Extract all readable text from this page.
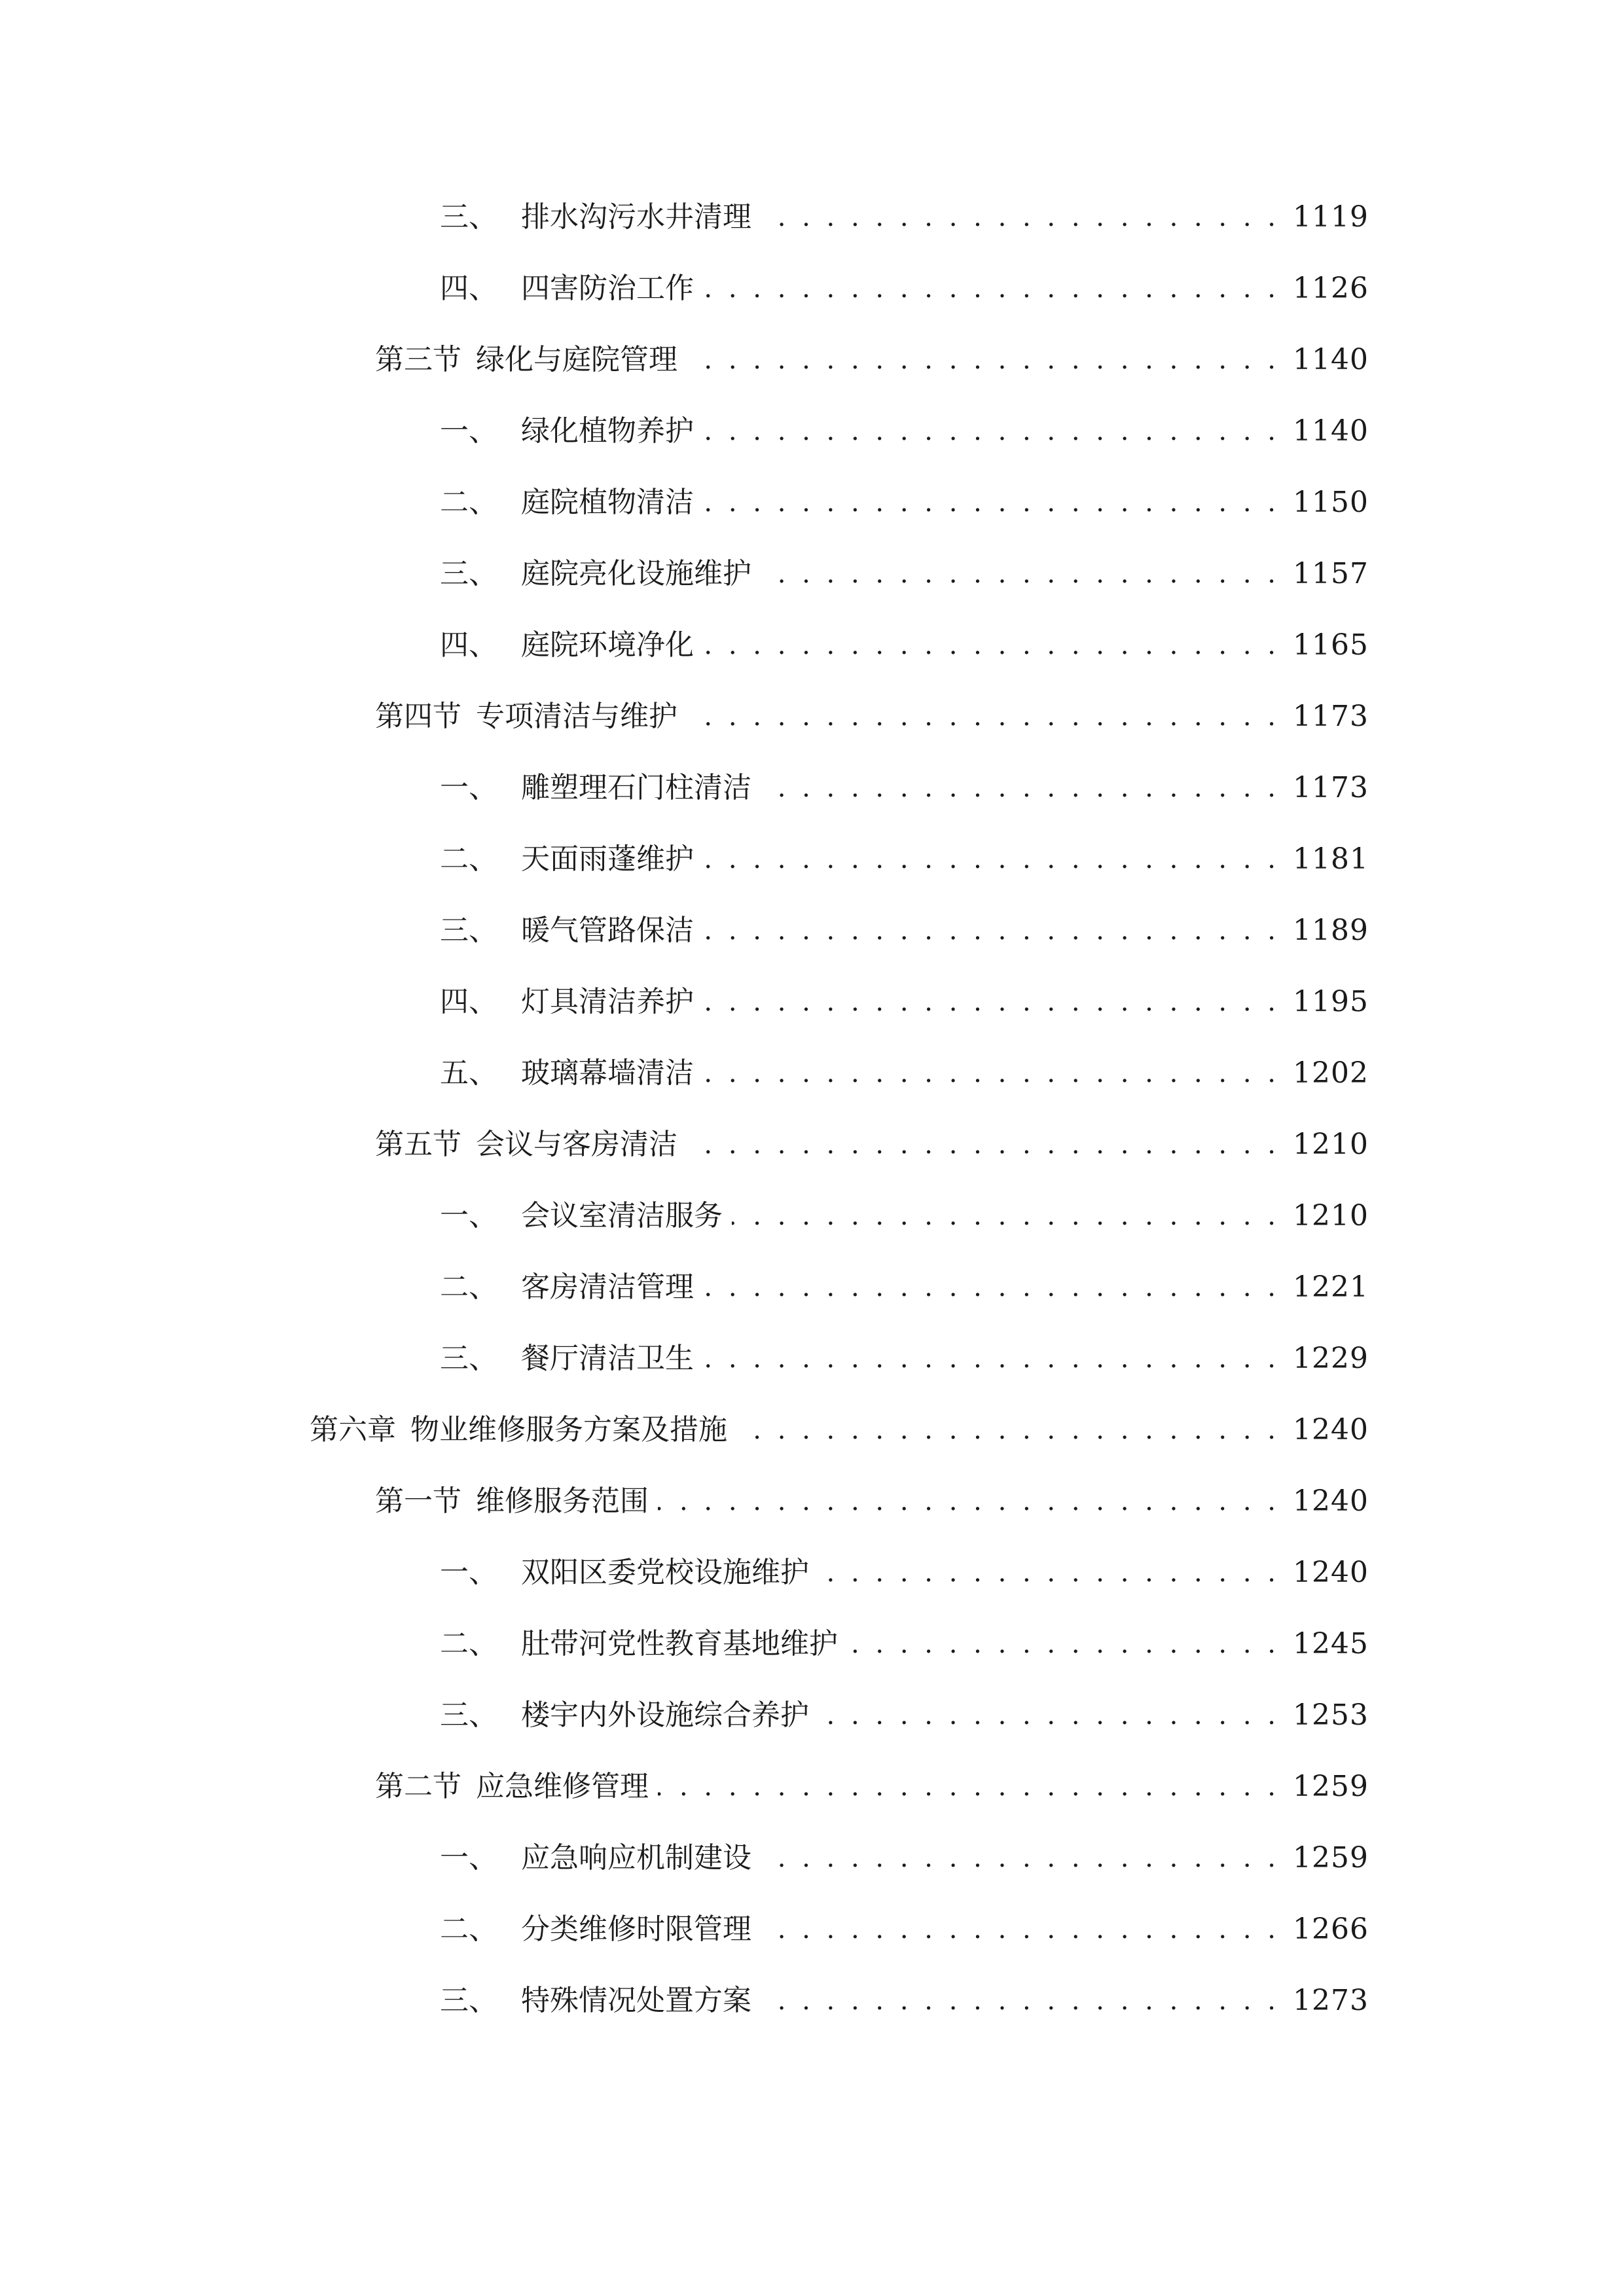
三、 排水沟污水井清理 . . .	1119
四、 四害防治工作 . . .	1126
第三节 绿化与庭院管理 . . .	1140
一、 绿化植物养护 . . .	1140
二、 庭院植物清洁 . . .	1150
三、 庭院亮化设施维护 . . .	1157
四、 庭院环境净化 . . .	1165
第四节 专项清洁与维护 . . .	1173
一、 雕塑理石门柱清洁 . . .	1173
二、 天面雨蓬维护 . . .	1181
三、 暖气管路保洁 . . .	1189
四、 灯具清洁养护 . . .	1195
五、 玻璃幕墙清洁 . . .	1202
第五节 会议与客房清洁 . . .	1210
一、 会议室清洁服务 . . .	1210
二、 客房清洁管理 . . .	1221
三、 餐厅清洁卫生 . . .	1229
第六章 物业维修服务方案及措施 . . .	1240
第一节 维修服务范围 . . .	1240
一、 双阳区委党校设施维护 . . .	1240
二、 肚带河党性教育基地维护 . . .	1245
三、 楼宇内外设施综合养护 . . .	1253
第二节 应急维修管理 . . .	1259
一、 应急响应机制建设 . . .	1259
二、 分类维修时限管理 . . .	1266
三、 特殊情况处置方案 . . .	1273
